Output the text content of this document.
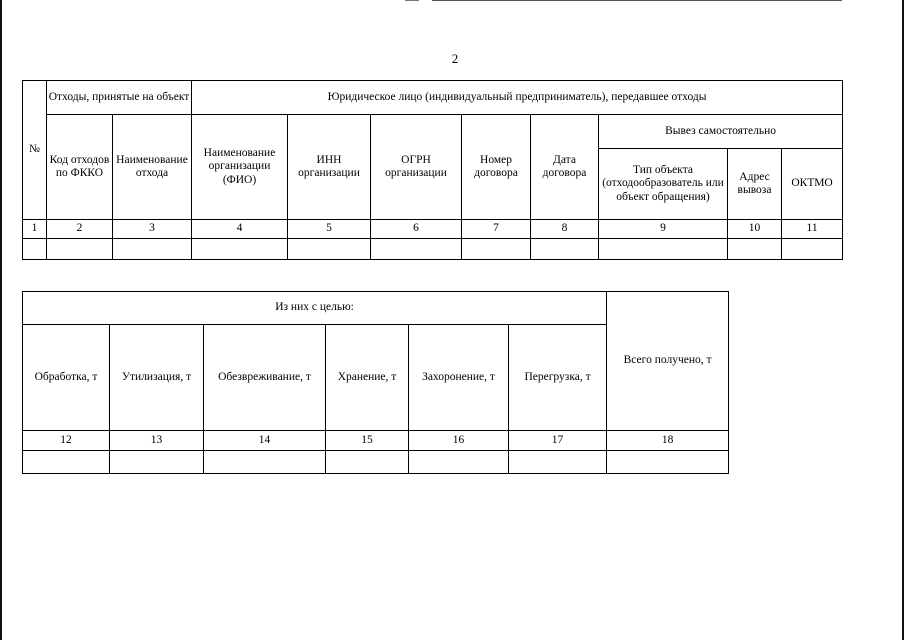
2
№	Отходы, принятые на объект		Юридическое лицо (индивидуальный предприниматель), передавшее отходы							
	Код отходов по ФККО	Наименование отхода	Наименование организации (ФИО)	ИНН организации	ОГРН организации	Номер договора	Дата договора	Вывез самостоятельно		
								Тип объекта (отходообразователь или объект обращения)	Адрес вывоза	ОКТМО
1	2	3	4	5	6	7	8	9	10	11

Из них с целью:						Всего получено, т
Обработка, т	Утилизация, т	Обезвреживание, т	Хранение, т	Захоронение, т	Перегрузка, т	
12	13	14	15	16	17	18
